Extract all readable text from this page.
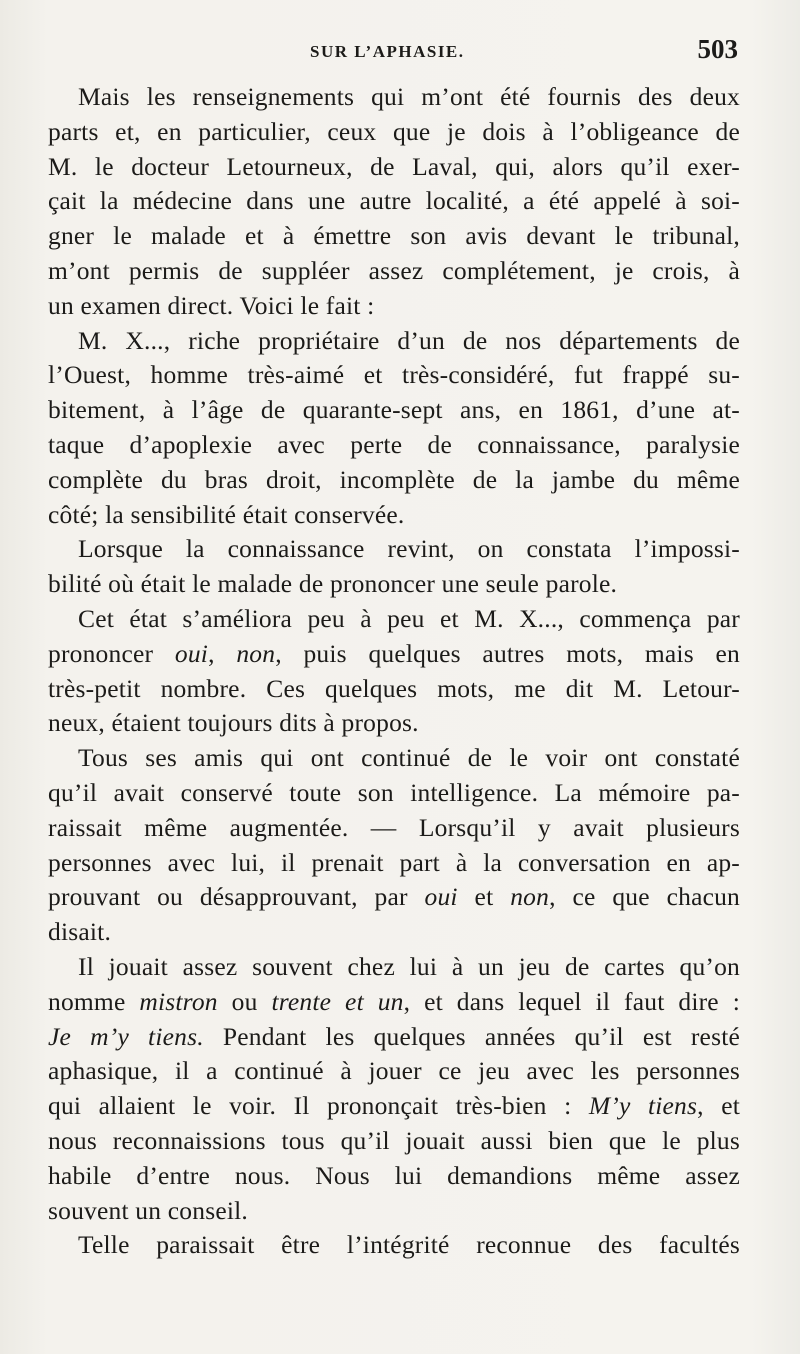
SUR L’APHASIE.	503
Mais les renseignements qui m’ont été fournis des deux
parts et, en particulier, ceux que je dois à l’obligeance de
M. le docteur Letourneux, de Laval, qui, alors qu’il exer-
çait la médecine dans une autre localité, a été appelé à soi-
gner le malade et à émettre son avis devant le tribunal,
m’ont permis de suppléer assez complétement, je crois, à
un examen direct. Voici le fait :
M. X..., riche propriétaire d’un de nos départements de
l’Ouest, homme très-aimé et très-considéré, fut frappé su-
bitement, à l’âge de quarante-sept ans, en 1861, d’une at-
taque d’apoplexie avec perte de connaissance, paralysie
complète du bras droit, incomplète de la jambe du même
côté; la sensibilité était conservée.
Lorsque la connaissance revint, on constata l’impossi-
bilité où était le malade de prononcer une seule parole.
Cet état s’améliora peu à peu et M. X..., commença par
prononcer oui, non, puis quelques autres mots, mais en
très-petit nombre. Ces quelques mots, me dit M. Letour-
neux, étaient toujours dits à propos.
Tous ses amis qui ont continué de le voir ont constaté
qu’il avait conservé toute son intelligence. La mémoire pa-
raissait même augmentée. — Lorsqu’il y avait plusieurs
personnes avec lui, il prenait part à la conversation en ap-
prouvant ou désapprouvant, par oui et non, ce que chacun
disait.
Il jouait assez souvent chez lui à un jeu de cartes qu’on
nomme mistron ou trente et un, et dans lequel il faut dire :
Je m’y tiens. Pendant les quelques années qu’il est resté
aphasique, il a continué à jouer ce jeu avec les personnes
qui allaient le voir. Il prononçait très-bien : M’y tiens, et
nous reconnaissions tous qu’il jouait aussi bien que le plus
habile d’entre nous. Nous lui demandions même assez
souvent un conseil.
Telle paraissait être l’intégrité reconnue des facultés
